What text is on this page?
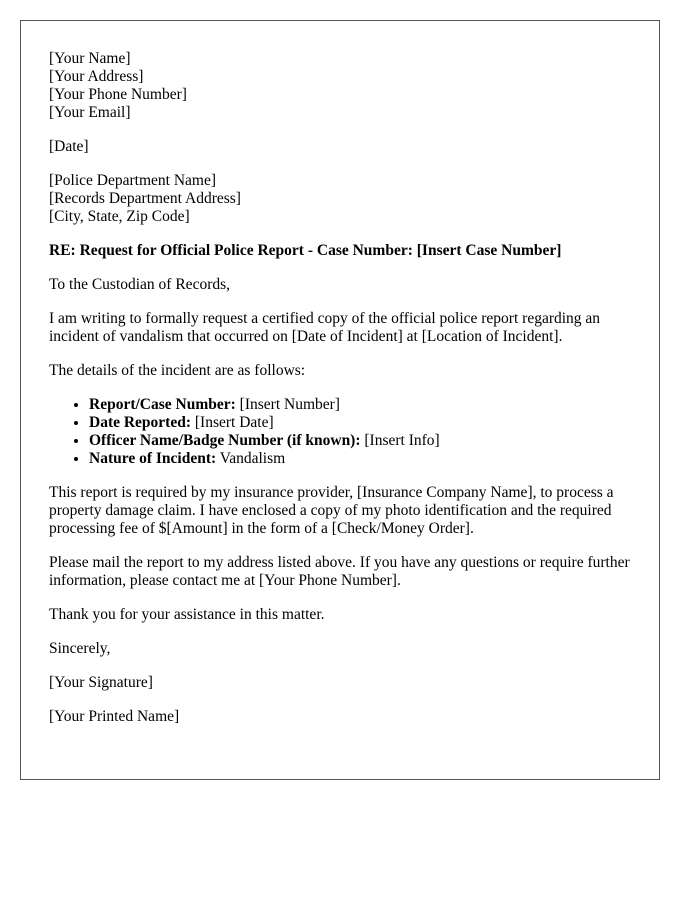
[Your Name]
[Your Address]
[Your Phone Number]
[Your Email]

[Date]

[Police Department Name]
[Records Department Address]
[City, State, Zip Code]

RE: Request for Official Police Report - Case Number: [Insert Case Number]

To the Custodian of Records,

I am writing to formally request a certified copy of the official police report regarding an incident of vandalism that occurred on [Date of Incident] at [Location of Incident].

The details of the incident are as follows:

• Report/Case Number: [Insert Number]
• Date Reported: [Insert Date]
• Officer Name/Badge Number (if known): [Insert Info]
• Nature of Incident: Vandalism

This report is required by my insurance provider, [Insurance Company Name], to process a property damage claim. I have enclosed a copy of my photo identification and the required processing fee of $[Amount] in the form of a [Check/Money Order].

Please mail the report to my address listed above. If you have any questions or require further information, please contact me at [Your Phone Number].

Thank you for your assistance in this matter.

Sincerely,

[Your Signature]

[Your Printed Name]
